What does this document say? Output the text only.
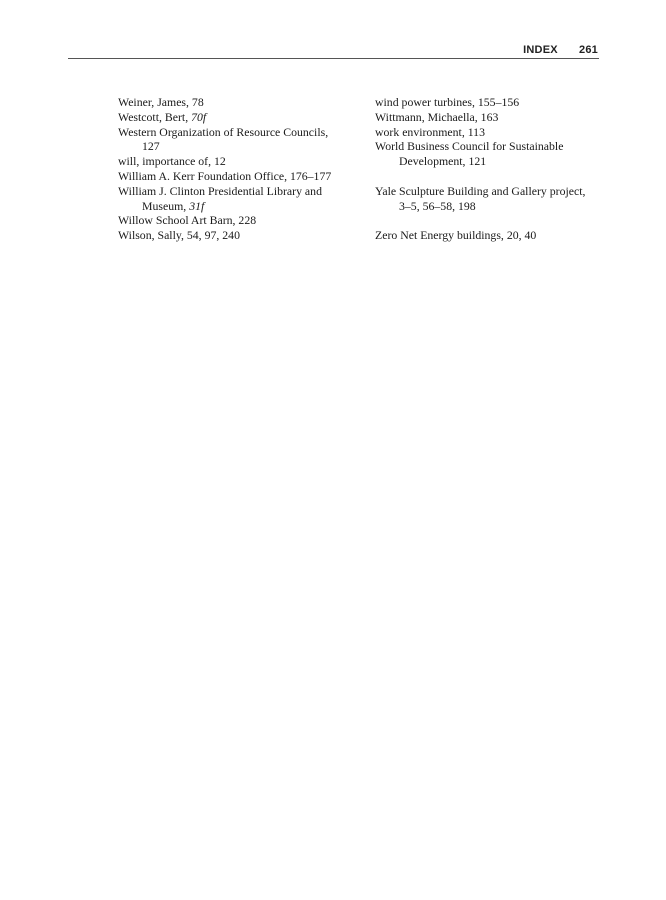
INDEX 261
Weiner, James, 78
Westcott, Bert, 70f
Western Organization of Resource Councils,
127
will, importance of, 12
William A. Kerr Foundation Office, 176–177
William J. Clinton Presidential Library and
Museum, 31f
Willow School Art Barn, 228
Wilson, Sally, 54, 97, 240
wind power turbines, 155–156
Wittmann, Michaella, 163
work environment, 113
World Business Council for Sustainable
Development, 121
Yale Sculpture Building and Gallery project,
3–5, 56–58, 198
Zero Net Energy buildings, 20, 40
